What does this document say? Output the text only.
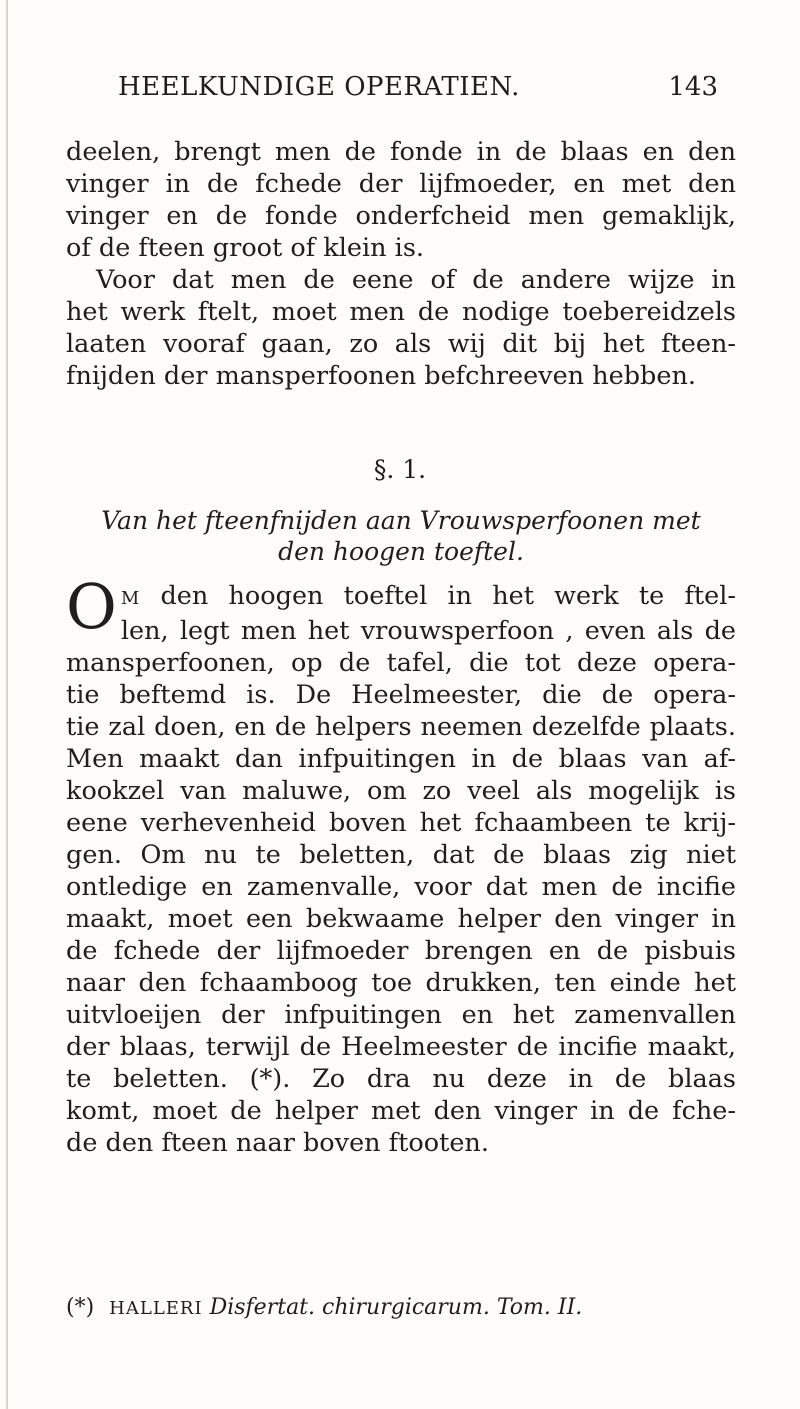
HEELKUNDIGE OPERATIEN.	143
deelen, brengt men de fonde in de blaas en den
vinger in de fchede der lijfmoeder, en met den
vinger en de fonde onderfcheid men gemaklijk,
of de fteen groot of klein is.
Voor dat men de eene of de andere wijze in
het werk ftelt, moet men de nodige toebereidzels
laaten vooraf gaan, zo als wij dit bij het fteen-
fnijden der mansperfoonen befchreeven hebben.
§. 1.
Van het fteenfnijden aan Vrouwsperfoonen met
den hoogen toeftel.
O M den hoogen toeftel in het werk te ftel-
len, legt men het vrouwsperfoon , even als de
mansperfoonen, op de tafel, die tot deze opera-
tie beftemd is. De Heelmeester, die de opera-
tie zal doen, en de helpers neemen dezelfde plaats.
Men maakt dan infpuitingen in de blaas van af-
kookzel van maluwe, om zo veel als mogelijk is
eene verhevenheid boven het fchaambeen te krij-
gen. Om nu te beletten, dat de blaas zig niet
ontledige en zamenvalle, voor dat men de incifie
maakt, moet een bekwaame helper den vinger in
de fchede der lijfmoeder brengen en de pisbuis
naar den fchaamboog toe drukken, ten einde het
uitvloeijen der infpuitingen en het zamenvallen
der blaas, terwijl de Heelmeester de incifie maakt,
te beletten. (*). Zo dra nu deze in de blaas
komt, moet de helper met den vinger in de fche-
de den fteen naar boven ftooten.
(*) HALLERI Disfertat. chirurgicarum. Tom. II.
